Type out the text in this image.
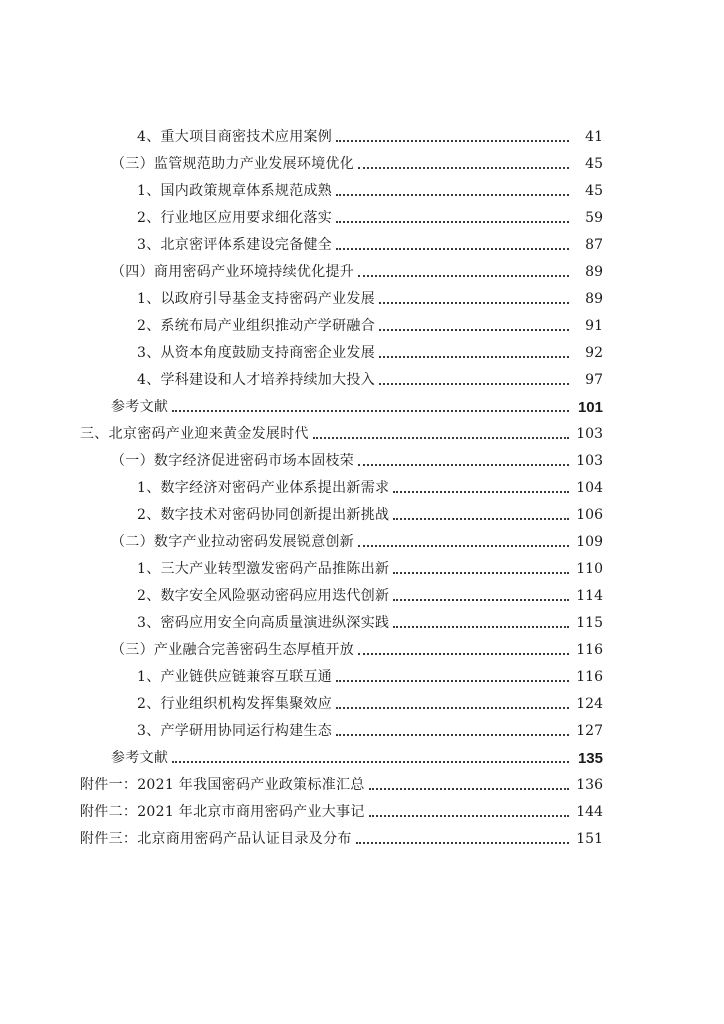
4、重大项目商密技术应用案例	41
（三）监管规范助力产业发展环境优化	45
1、国内政策规章体系规范成熟	45
2、行业地区应用要求细化落实	59
3、北京密评体系建设完备健全	87
（四）商用密码产业环境持续优化提升	89
1、以政府引导基金支持密码产业发展	89
2、系统布局产业组织推动产学研融合	91
3、从资本角度鼓励支持商密企业发展	92
4、学科建设和人才培养持续加大投入	97
参考文献	101
三、北京密码产业迎来黄金发展时代	103
（一）数字经济促进密码市场本固枝荣	103
1、数字经济对密码产业体系提出新需求	104
2、数字技术对密码协同创新提出新挑战	106
（二）数字产业拉动密码发展锐意创新	109
1、三大产业转型激发密码产品推陈出新	110
2、数字安全风险驱动密码应用迭代创新	114
3、密码应用安全向高质量演进纵深实践	115
（三）产业融合完善密码生态厚植开放	116
1、产业链供应链兼容互联互通	116
2、行业组织机构发挥集聚效应	124
3、产学研用协同运行构建生态	127
参考文献	135
附件一：2021 年我国密码产业政策标准汇总	136
附件二：2021 年北京市商用密码产业大事记	144
附件三：北京商用密码产品认证目录及分布	151
